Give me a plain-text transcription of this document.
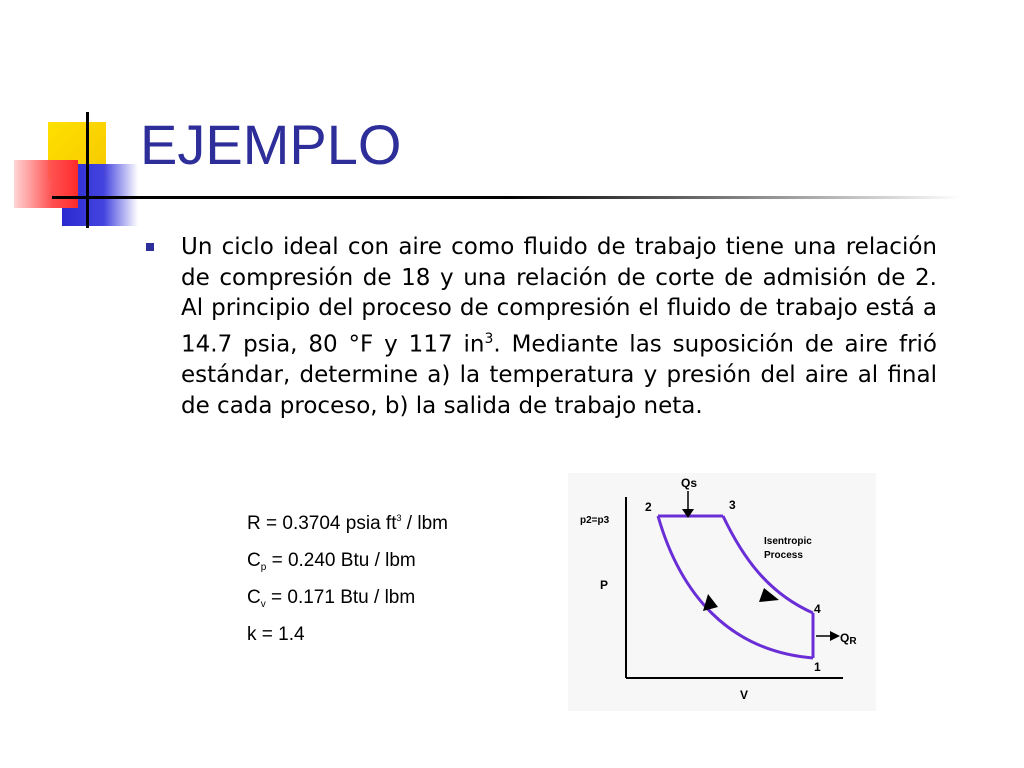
EJEMPLO
Un ciclo ideal con aire como fluido de trabajo tiene una relación de compresión de 18 y una relación de corte de admisión de 2. Al principio del proceso de compresión el fluido de trabajo está a 14.7 psia, 80 °F y 117 $in^3$. Mediante las suposición de aire frió estándar, determine a) la temperatura y presión del aire al final de cada proceso, b) la salida de trabajo neta.
R = 0.3704 psia $ft^3$ / lbm
$C_p = 0.240$ Btu / lbm
$C_v = 0.171$ Btu / lbm
k = 1.4
Qs
p2=p3
P
V
Isentropic
Process
QR
1
2	3
4
